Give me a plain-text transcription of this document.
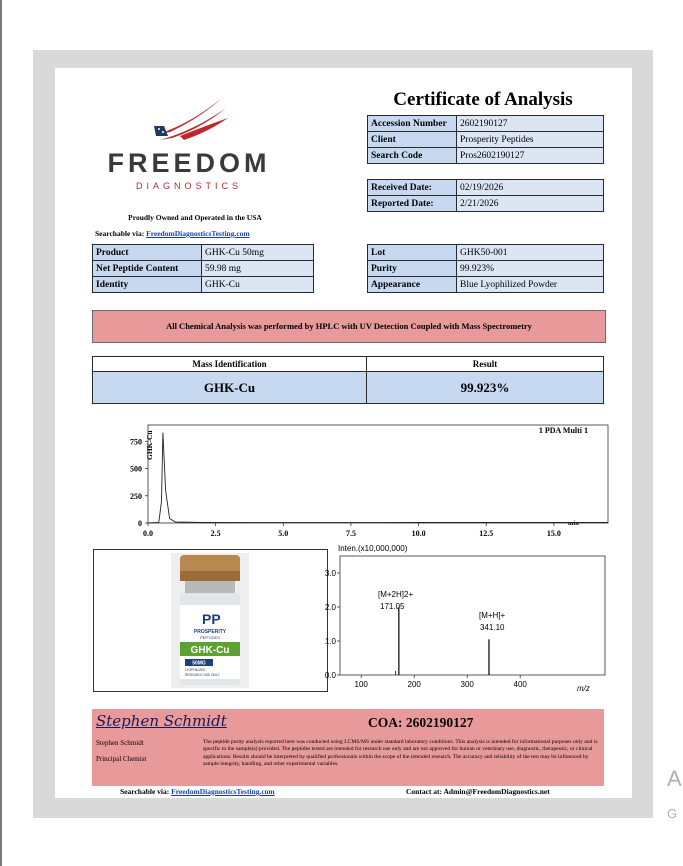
FREEDOM
DIAGNOSTICS
Proudly Owned and Operated in the USA
Searchable via: FreedomDiagnosticsTesting.com
Certificate of Analysis
Accession Number	2602190127
Client	Prosperity Peptides
Search Code	Pros2602190127
Received Date:	02/19/2026
Reported Date:	2/21/2026
Product	GHK-Cu 50mg
Net Peptide Content	59.98 mg
Identity	GHK-Cu
Lot	GHK50-001
Purity	99.923%
Appearance	Blue Lyophilized Powder
All Chemical Analysis was performed by HPLC with UV Detection Coupled with Mass Spectrometry
Mass Identification	Result
GHK-Cu	99.923%
1 PDA Multi 1
GHK-Cu
min
0
250
500
750
0.0	2.5	5.0	7.5	10.0	12.5	15.0
PP
PROSPERITY
PEPTIDES
GHK-Cu
50MG
LYOPHILIZED
RESEARCH USE ONLY
Inten.(x10,000,000)
m/z
[M+2H]2+
171.05
[M+H]+
341.10
0.0
1.0
2.0
3.0
100	200	300	400
Stephen Schmidt	COA: 2602190127
Stephen Schmidt
Principal Chemist
The peptide purity analysis reported here was conducted using LCMS/MS under standard laboratory conditions. This analysis is intended for informational purposes only and is specific to the sample(s) provided. The peptides tested are intended for research use only and are not approved for human or veterinary use, diagnostic, therapeutic, or clinical applications. Results should be interpreted by qualified professionals within the scope of the intended research. The accuracy and reliability of the test may be influenced by sample integrity, handling, and other experimental variables.
Searchable via: FreedomDiagnosticsTesting.com	Contact at: Admin@FreedomDiagnostics.net
A
G
